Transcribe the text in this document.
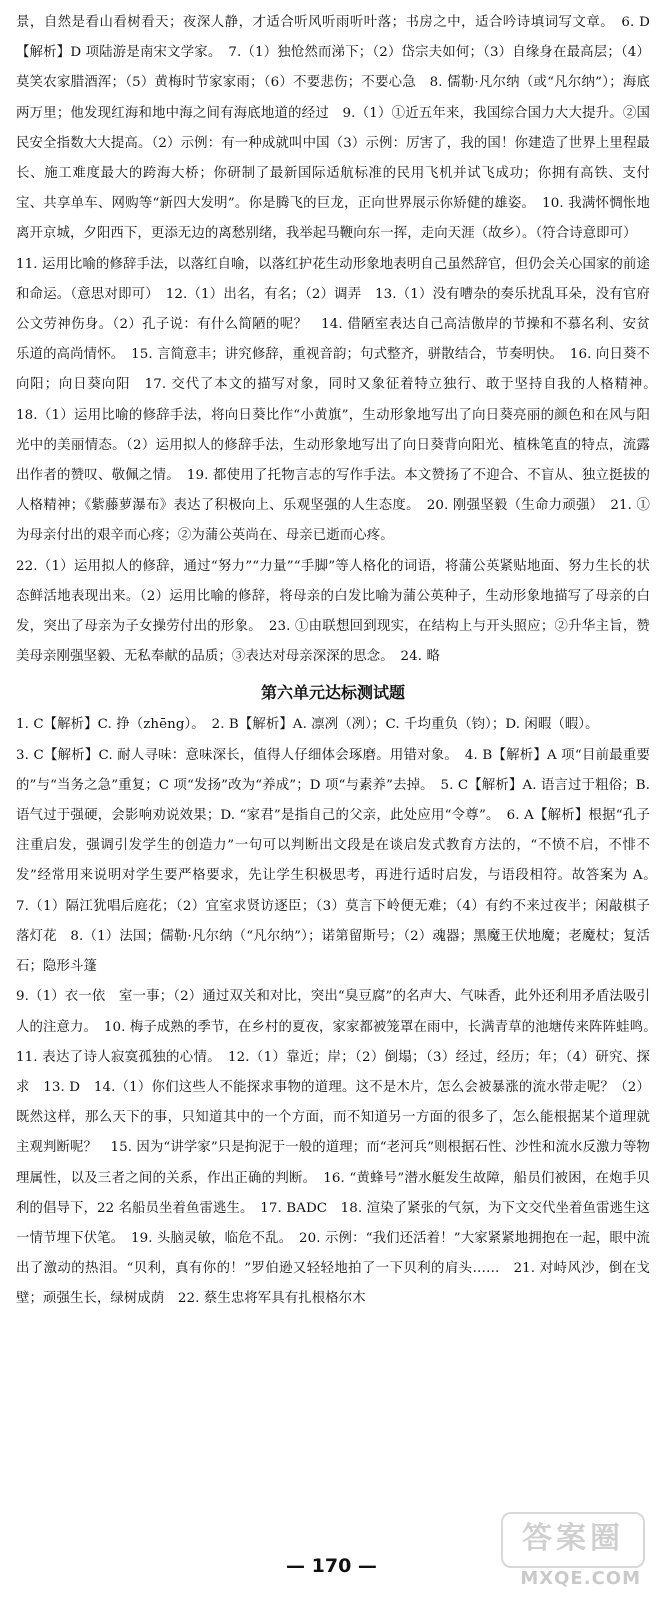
景，自然是看山看树看天；夜深人静，才适合听风听雨听叶落；书房之中，适合吟诗填词写文章。　6. D【解析】D 项陆游是南宋文学家。　7.（1）独怆然而涕下；（2）岱宗夫如何；（3）自缘身在最高层；（4）莫笑农家腊酒浑；（5）黄梅时节家家雨；（6）不要悲伤；不要心急　8. 儒勒·凡尔纳（或“凡尔纳”）；海底两万里；他发现红海和地中海之间有海底地道的经过　9.（1）①近五年来，我国综合国力大大提升。②国民安全指数大大提高。（2）示例：有一种成就叫中国（3）示例：厉害了，我的国！你建造了世界上里程最长、施工难度最大的跨海大桥；你研制了最新国际适航标准的民用飞机并试飞成功；你拥有高铁、支付宝、共享单车、网购等“新四大发明”。你是腾飞的巨龙，正向世界展示你矫健的雄姿。　10. 我满怀惆怅地离开京城，夕阳西下，更添无边的离愁别绪，我举起马鞭向东一挥，走向天涯（故乡）。（符合诗意即可）

11. 运用比喻的修辞手法，以落红自喻，以落红护花生动形象地表明自己虽然辞官，但仍会关心国家的前途和命运。（意思对即可）　12.（1）出名，有名；（2）调弄　13.（1）没有嘈杂的奏乐扰乱耳朵，没有官府公文劳神伤身。（2）孔子说：有什么简陋的呢？　14. 借陋室表达自己高洁傲岸的节操和不慕名利、安贫乐道的高尚情怀。　15. 言简意丰；讲究修辞，重视音韵；句式整齐，骈散结合，节奏明快。　16. 向日葵不向阳；向日葵向阳　17. 交代了本文的描写对象，同时又象征着特立独行、敢于坚持自我的人格精神。　18.（1）运用比喻的修辞手法，将向日葵比作“小黄旗”，生动形象地写出了向日葵亮丽的颜色和在风与阳光中的美丽情态。（2）运用拟人的修辞手法，生动形象地写出了向日葵背向阳光、植株笔直的特点，流露出作者的赞叹、敬佩之情。　19. 都使用了托物言志的写作手法。本文赞扬了不迎合、不盲从、独立挺拔的人格精神；《紫藤萝瀑布》表达了积极向上、乐观坚强的人生态度。　20. 刚强坚毅（生命力顽强）　21. ①为母亲付出的艰辛而心疼；②为蒲公英尚在、母亲已逝而心疼。

22.（1）运用拟人的修辞，通过“努力”“力量”“手脚”等人格化的词语，将蒲公英紧贴地面、努力生长的状态鲜活地表现出来。（2）运用比喻的修辞，将母亲的白发比喻为蒲公英种子，生动形象地描写了母亲的白发，突出了母亲为子女操劳付出的形象。　23. ①由联想回到现实，在结构上与开头照应；②升华主旨，赞美母亲刚强坚毅、无私奉献的品质；③表达对母亲深深的思念。　24. 略

第六单元达标测试题

1. C【解析】C. 挣（zhēng）。　2. B【解析】A. 凛冽（冽）；C. 千均重负（钧）；D. 闲暇（暇）。

3. C【解析】C. 耐人寻味：意味深长，值得人仔细体会琢磨。用错对象。　4. B【解析】A 项“目前最重要的”与“当务之急”重复；C 项“发扬”改为“养成”；D 项“与素养”去掉。　5. C【解析】A. 语言过于粗俗；B. 语气过于强硬，会影响劝说效果；D. “家君”是指自己的父亲，此处应用“令尊”。　6. A【解析】根据“孔子注重启发，强调引发学生的创造力”一句可以判断出文段是在谈启发式教育方法的，“不愤不启，不悱不发”经常用来说明对学生要严格要求，先让学生积极思考，再进行适时启发，与语段相符。故答案为 A。　7.（1）隔江犹唱后庭花；（2）宜室求贤访逐臣；（3）莫言下岭便无难；（4）有约不来过夜半；闲敲棋子落灯花　8.（1）法国；儒勒·凡尔纳（“凡尔纳”）；诺第留斯号；（2）魂器；黑魔王伏地魔；老魔杖；复活石；隐形斗篷

9.（1）衣一依　室一事；（2）通过双关和对比，突出“臭豆腐”的名声大、气味香，此外还利用矛盾法吸引人的注意力。　10. 梅子成熟的季节，在乡村的夏夜，家家都被笼罩在雨中，长满青草的池塘传来阵阵蛙鸣。　11. 表达了诗人寂寞孤独的心情。　12.（1）靠近；岸；（2）倒塌；（3）经过，经历；年；（4）研究、探求　13. D　14.（1）你们这些人不能探求事物的道理。这不是木片，怎么会被暴涨的流水带走呢？（2）既然这样，那么天下的事，只知道其中的一个方面，而不知道另一方面的很多了，怎么能根据某个道理就主观判断呢？　15. 因为“讲学家”只是拘泥于一般的道理；而“老河兵”则根据石性、沙性和流水反激力等物理属性，以及三者之间的关系，作出正确的判断。　16. “黄蜂号”潜水艇发生故障，船员们被困，在炮手贝利的倡导下，22 名船员坐着鱼雷逃生。　17. BADC　18. 渲染了紧张的气氛，为下文交代坐着鱼雷逃生这一情节埋下伏笔。　19. 头脑灵敏，临危不乱。　20. 示例：“我们还活着！”大家紧紧地拥抱在一起，眼中流出了激动的热泪。“贝利，真有你的！”罗伯逊又轻轻地拍了一下贝利的肩头……　21. 对峙风沙，倒在戈壁；顽强生长，绿树成荫　22. 蔡生忠将军具有扎根格尔木

— 170 —
答案圈
MXQE.COM
